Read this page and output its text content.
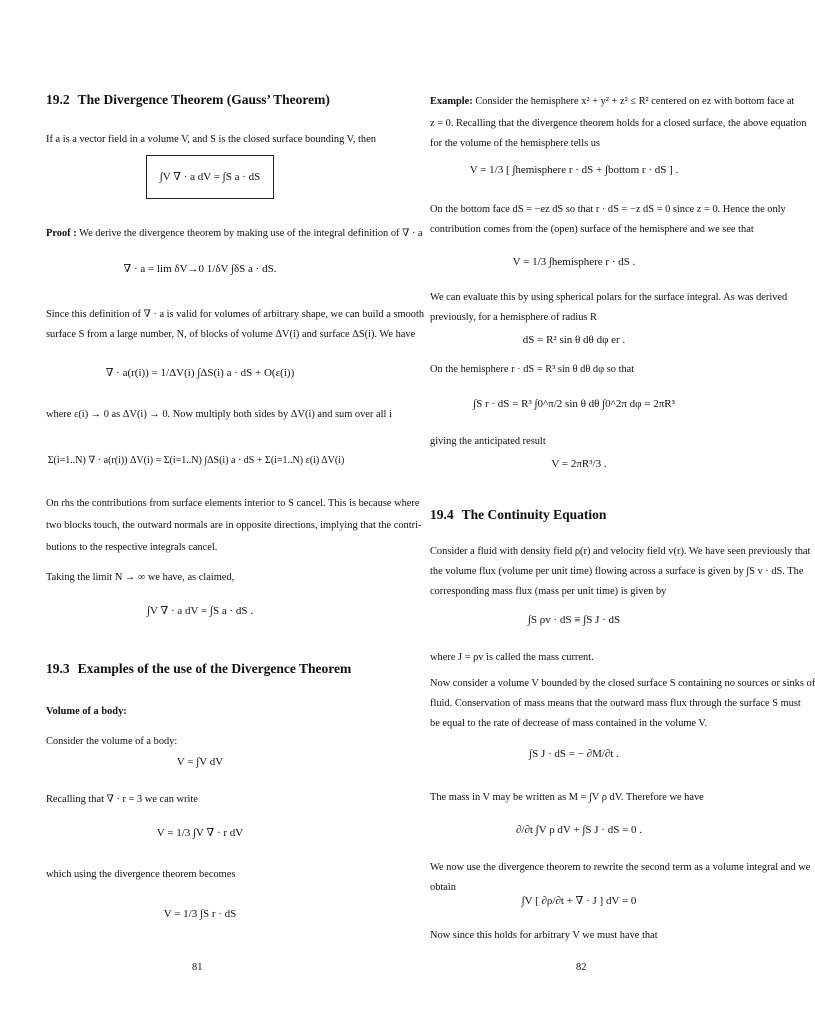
19.2 The Divergence Theorem (Gauss’ Theorem)
If a is a vector field in a volume V, and S is the closed surface bounding V, then
∫V ∇ · a dV = ∫S a · dS
Proof : We derive the divergence theorem by making use of the integral definition of ∇ · a
∇ · a = lim δV→0 1/δV ∫δS a · dS.
Since this definition of ∇ · a is valid for volumes of arbitrary shape, we can build a smooth
surface S from a large number, N, of blocks of volume ΔV(i) and surface ΔS(i). We have
∇ · a(r(i)) = 1/ΔV(i) ∫ΔS(i) a · dS + O(ε(i))
where ε(i) → 0 as ΔV(i) → 0. Now multiply both sides by ΔV(i) and sum over all i
Σ(i=1..N) ∇ · a(r(i)) ΔV(i) = Σ(i=1..N) ∫ΔS(i) a · dS + Σ(i=1..N) ε(i) ΔV(i)
On rhs the contributions from surface elements interior to S cancel. This is because where
two blocks touch, the outward normals are in opposite directions, implying that the contri-
butions to the respective integrals cancel.
Taking the limit N → ∞ we have, as claimed,
∫V ∇ · a dV = ∫S a · dS .
19.3 Examples of the use of the Divergence Theorem
Volume of a body:
Consider the volume of a body:
V = ∫V dV
Recalling that ∇ · r = 3 we can write
V = 1/3 ∫V ∇ · r dV
which using the divergence theorem becomes
V = 1/3 ∫S r · dS
81
Example: Consider the hemisphere x² + y² + z² ≤ R² centered on ez with bottom face at
z = 0. Recalling that the divergence theorem holds for a closed surface, the above equation
for the volume of the hemisphere tells us
V = 1/3 [ ∫hemisphere r · dS + ∫bottom r · dS ] .
On the bottom face dS = −ez dS so that r · dS = −z dS = 0 since z = 0. Hence the only
contribution comes from the (open) surface of the hemisphere and we see that
V = 1/3 ∫hemisphere r · dS .
We can evaluate this by using spherical polars for the surface integral. As was derived
previously, for a hemisphere of radius R
dS = R² sin θ dθ dφ er .
On the hemisphere r · dS = R³ sin θ dθ dφ so that
∫S r · dS = R³ ∫0^π/2 sin θ dθ ∫0^2π dφ = 2πR³
giving the anticipated result
V = 2πR³/3 .
19.4 The Continuity Equation
Consider a fluid with density field ρ(r) and velocity field v(r). We have seen previously that
the volume flux (volume per unit time) flowing across a surface is given by ∫S v · dS. The
corresponding mass flux (mass per unit time) is given by
∫S ρv · dS ≡ ∫S J · dS
where J = ρv is called the mass current.
Now consider a volume V bounded by the closed surface S containing no sources or sinks of
fluid. Conservation of mass means that the outward mass flux through the surface S must
be equal to the rate of decrease of mass contained in the volume V.
∫S J · dS = − ∂M/∂t .
The mass in V may be written as M = ∫V ρ dV. Therefore we have
∂/∂t ∫V ρ dV + ∫S J · dS = 0 .
We now use the divergence theorem to rewrite the second term as a volume integral and we
obtain
∫V [ ∂ρ/∂t + ∇ · J ] dV = 0
Now since this holds for arbitrary V we must have that
82
